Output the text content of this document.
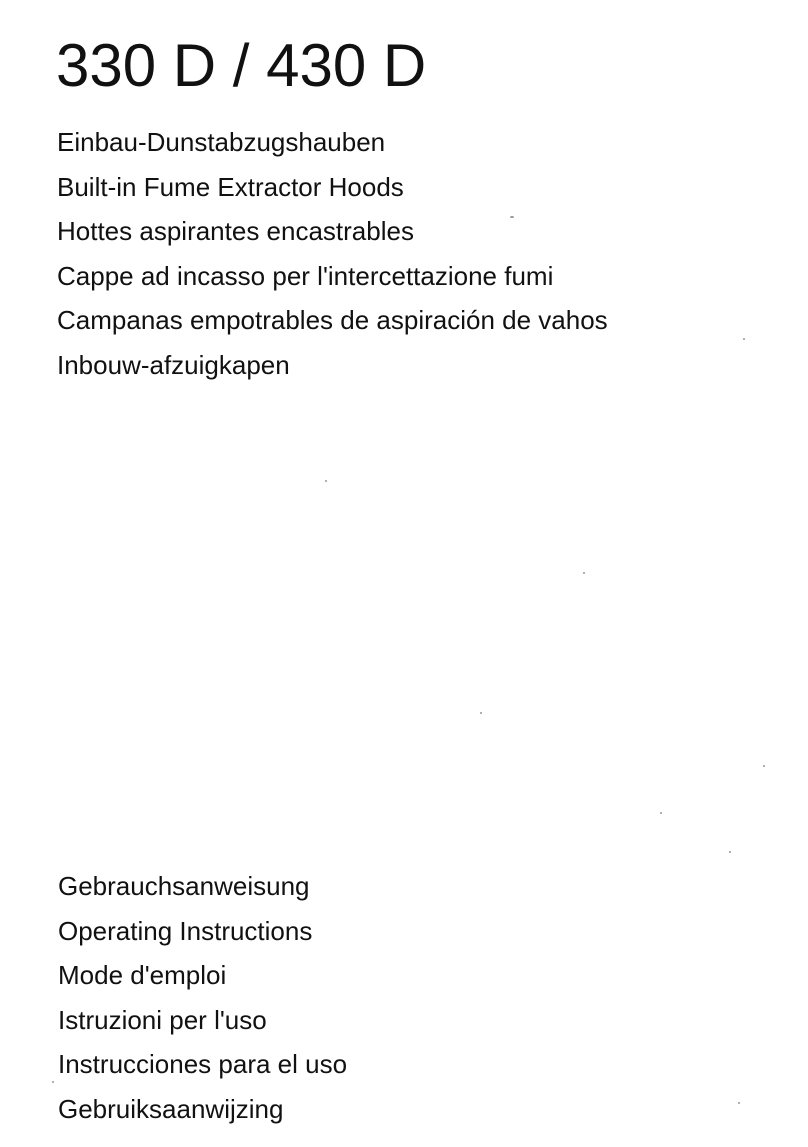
330 D / 430 D
Einbau-Dunstabzugshauben
Built-in Fume Extractor Hoods
Hottes aspirantes encastrables
Cappe ad incasso per l'intercettazione fumi
Campanas empotrables de aspiración de vahos
Inbouw-afzuigkapen
Gebrauchsanweisung
Operating Instructions
Mode d'emploi
Istruzioni per l'uso
Instrucciones para el uso
Gebruiksaanwijzing
